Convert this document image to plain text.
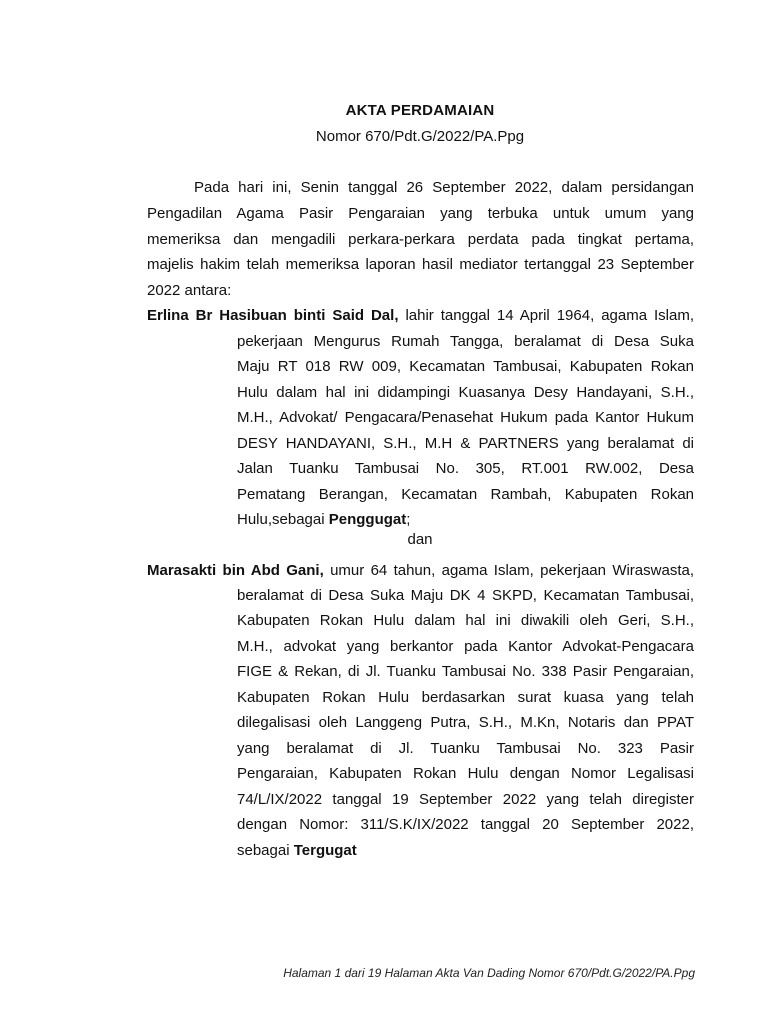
AKTA PERDAMAIAN
Nomor 670/Pdt.G/2022/PA.Ppg
Pada hari ini, Senin tanggal 26 September 2022, dalam persidangan
Pengadilan Agama Pasir Pengaraian yang terbuka untuk umum yang
memeriksa dan mengadili perkara-perkara perdata pada tingkat pertama,
majelis hakim telah memeriksa laporan hasil mediator tertanggal 23 September
2022 antara:
Erlina Br Hasibuan binti Said Dal, lahir tanggal 14 April 1964, agama Islam,
pekerjaan Mengurus Rumah Tangga, beralamat di Desa Suka
Maju RT 018 RW 009, Kecamatan Tambusai, Kabupaten Rokan
Hulu dalam hal ini didampingi Kuasanya Desy Handayani, S.H.,
M.H., Advokat/ Pengacara/Penasehat Hukum pada Kantor Hukum
DESY HANDAYANI, S.H., M.H & PARTNERS yang beralamat di
Jalan Tuanku Tambusai No. 305, RT.001 RW.002, Desa
Pematang Berangan, Kecamatan Rambah, Kabupaten Rokan
Hulu,sebagai Penggugat;
dan
Marasakti bin Abd Gani, umur 64 tahun, agama Islam, pekerjaan Wiraswasta,
beralamat di Desa Suka Maju DK 4 SKPD, Kecamatan Tambusai,
Kabupaten Rokan Hulu dalam hal ini diwakili oleh Geri, S.H.,
M.H., advokat yang berkantor pada Kantor Advokat-Pengacara
FIGE & Rekan, di Jl. Tuanku Tambusai No. 338 Pasir Pengaraian,
Kabupaten Rokan Hulu berdasarkan surat kuasa yang telah
dilegalisasi oleh Langgeng Putra, S.H., M.Kn, Notaris dan PPAT
yang beralamat di Jl. Tuanku Tambusai No. 323 Pasir
Pengaraian, Kabupaten Rokan Hulu dengan Nomor Legalisasi
74/L/IX/2022 tanggal 19 September 2022 yang telah diregister
dengan Nomor: 311/S.K/IX/2022 tanggal 20 September 2022,
sebagai Tergugat
Halaman 1 dari 19 Halaman Akta Van Dading Nomor 670/Pdt.G/2022/PA.Ppg
